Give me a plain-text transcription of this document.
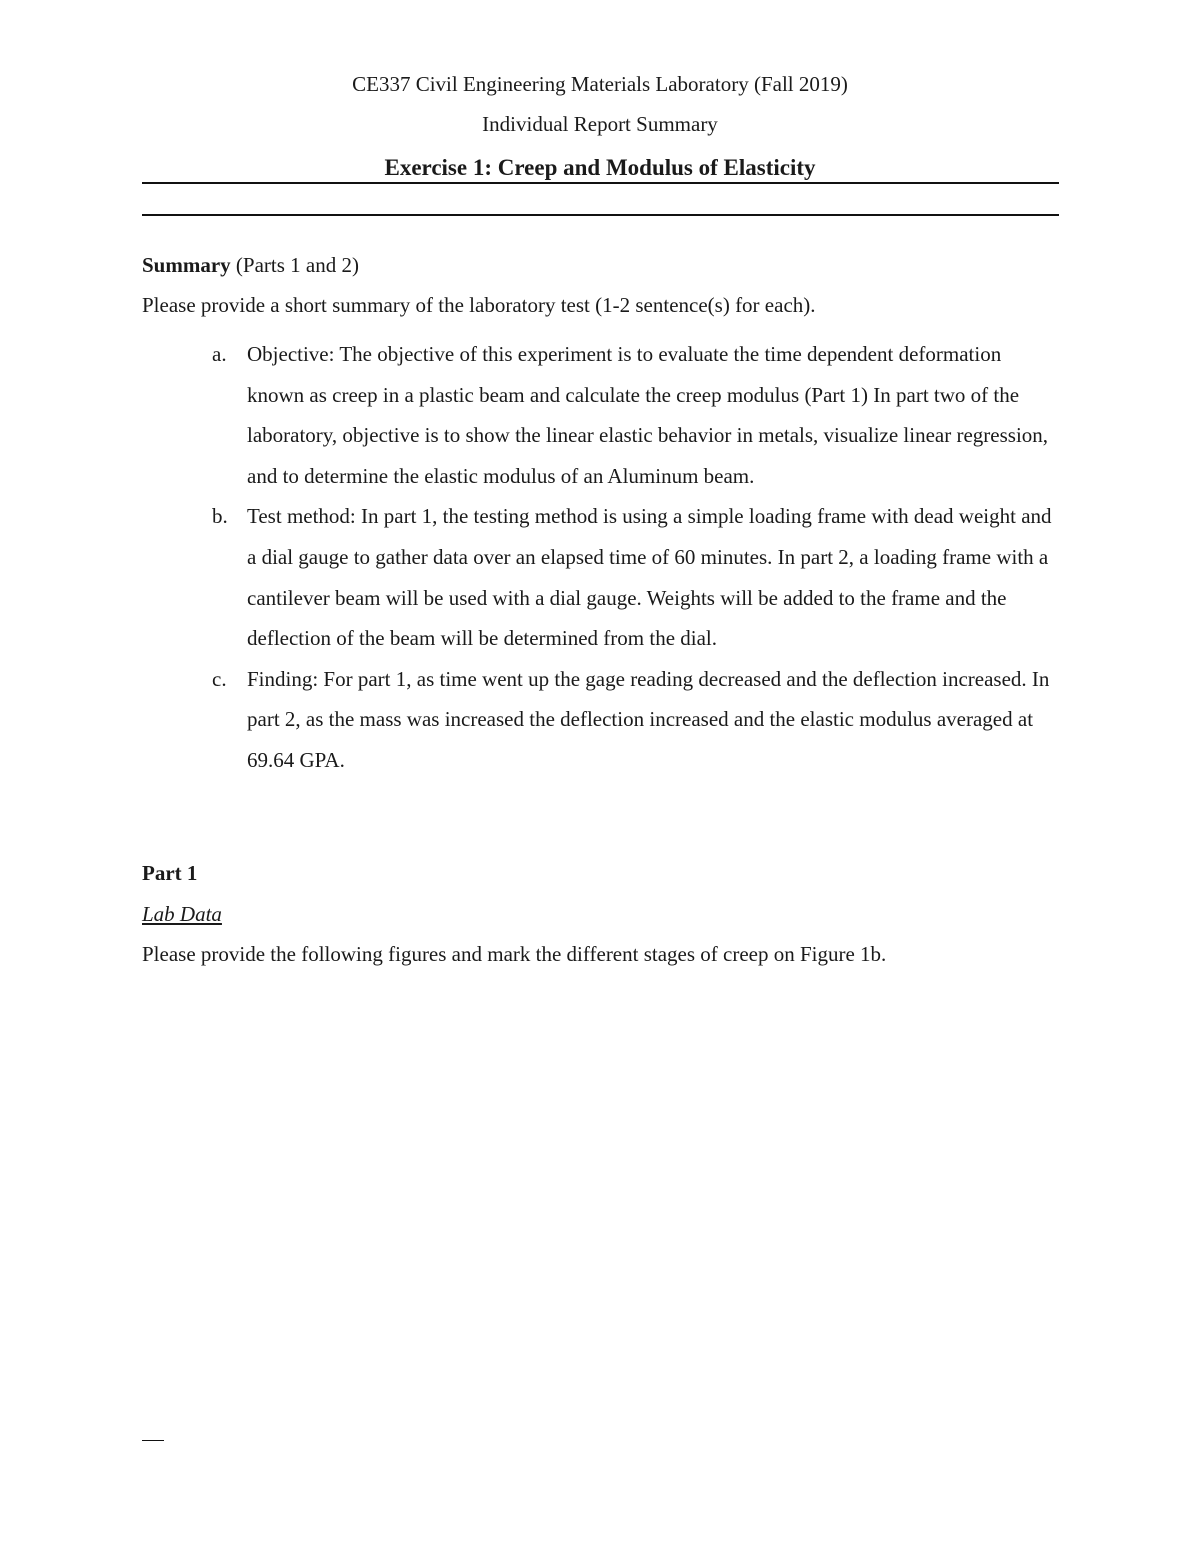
CE337 Civil Engineering Materials Laboratory (Fall 2019)
Individual Report Summary
Exercise 1: Creep and Modulus of Elasticity
Summary (Parts 1 and 2)
Please provide a short summary of the laboratory test (1-2 sentence(s) for each).
a. Objective: The objective of this experiment is to evaluate the time dependent deformation known as creep in a plastic beam and calculate the creep modulus (Part 1) In part two of the laboratory, objective is to show the linear elastic behavior in metals, visualize linear regression, and to determine the elastic modulus of an Aluminum beam.
b. Test method: In part 1, the testing method is using a simple loading frame with dead weight and a dial gauge to gather data over an elapsed time of 60 minutes. In part 2, a loading frame with a cantilever beam will be used with a dial gauge. Weights will be added to the frame and the deflection of the beam will be determined from the dial.
c. Finding: For part 1, as time went up the gage reading decreased and the deflection increased. In part 2, as the mass was increased the deflection increased and the elastic modulus averaged at 69.64 GPA.
Part 1
Lab Data
Please provide the following figures and mark the different stages of creep on Figure 1b.
